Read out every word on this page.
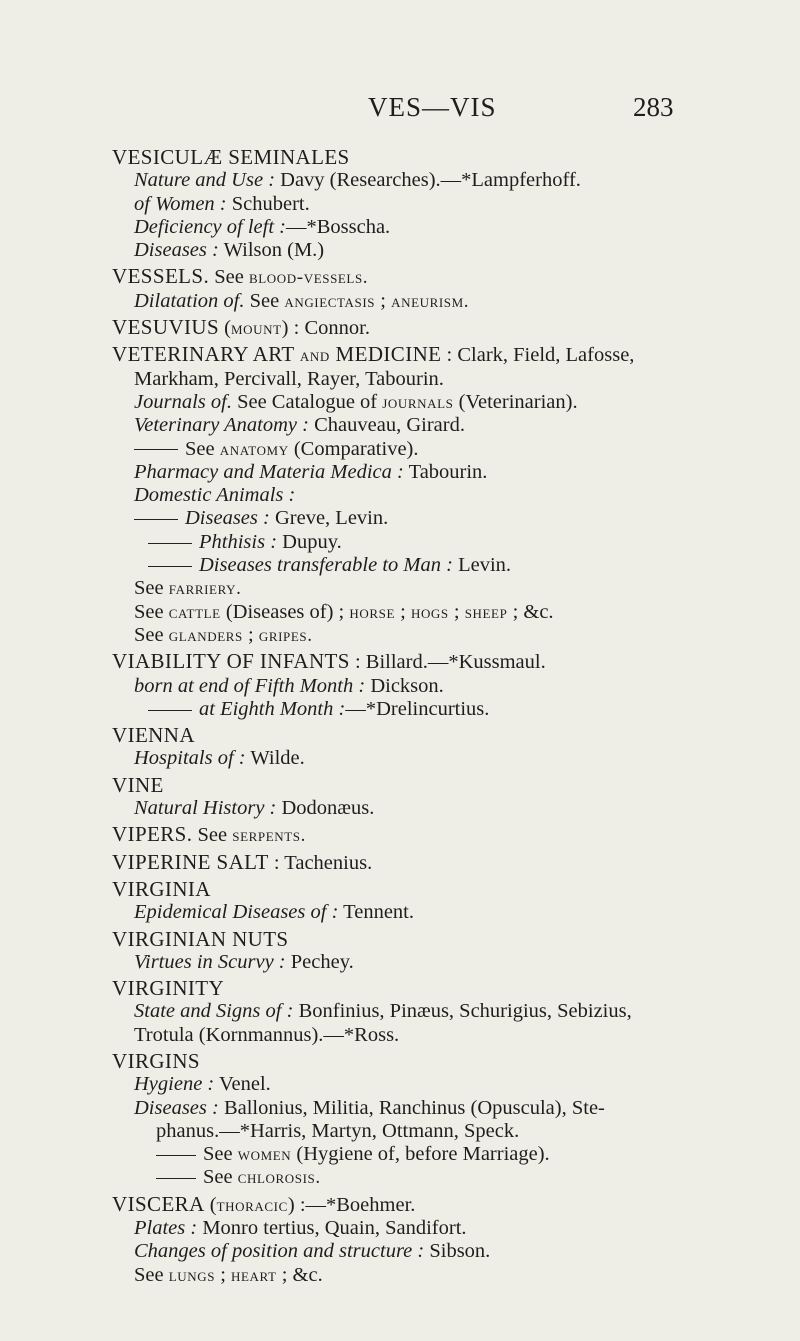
VES—VIS	283
VESICULÆ SEMINALES
Nature and Use : Davy (Researches).—*Lampferhoff.
of Women : Schubert.
Deficiency of left :—*Bosscha.
Diseases : Wilson (M.)
VESSELS. See blood-vessels.
Dilatation of. See angiectasis ; aneurism.
VESUVIUS (mount) : Connor.
VETERINARY ART and MEDICINE : Clark, Field, Lafosse,
Markham, Percivall, Rayer, Tabourin.
Journals of. See Catalogue of journals (Veterinarian).
Veterinary Anatomy : Chauveau, Girard.
See anatomy (Comparative).
Pharmacy and Materia Medica : Tabourin.
Domestic Animals :
Diseases : Greve, Levin.
Phthisis : Dupuy.
Diseases transferable to Man : Levin.
See farriery.
See cattle (Diseases of) ; horse ; hogs ; sheep ; &c.
See glanders ; gripes.
VIABILITY OF INFANTS : Billard.—*Kussmaul.
born at end of Fifth Month : Dickson.
at Eighth Month :—*Drelincurtius.
VIENNA
Hospitals of : Wilde.
VINE
Natural History : Dodonæus.
VIPERS. See serpents.
VIPERINE SALT : Tachenius.
VIRGINIA
Epidemical Diseases of : Tennent.
VIRGINIAN NUTS
Virtues in Scurvy : Pechey.
VIRGINITY
State and Signs of : Bonfinius, Pinæus, Schurigius, Sebizius,
Trotula (Kornmannus).—*Ross.
VIRGINS
Hygiene : Venel.
Diseases : Ballonius, Militia, Ranchinus (Opuscula), Ste-
phanus.—*Harris, Martyn, Ottmann, Speck.
See women (Hygiene of, before Marriage).
See chlorosis.
VISCERA (thoracic) :—*Boehmer.
Plates : Monro tertius, Quain, Sandifort.
Changes of position and structure : Sibson.
See lungs ; heart ; &c.
